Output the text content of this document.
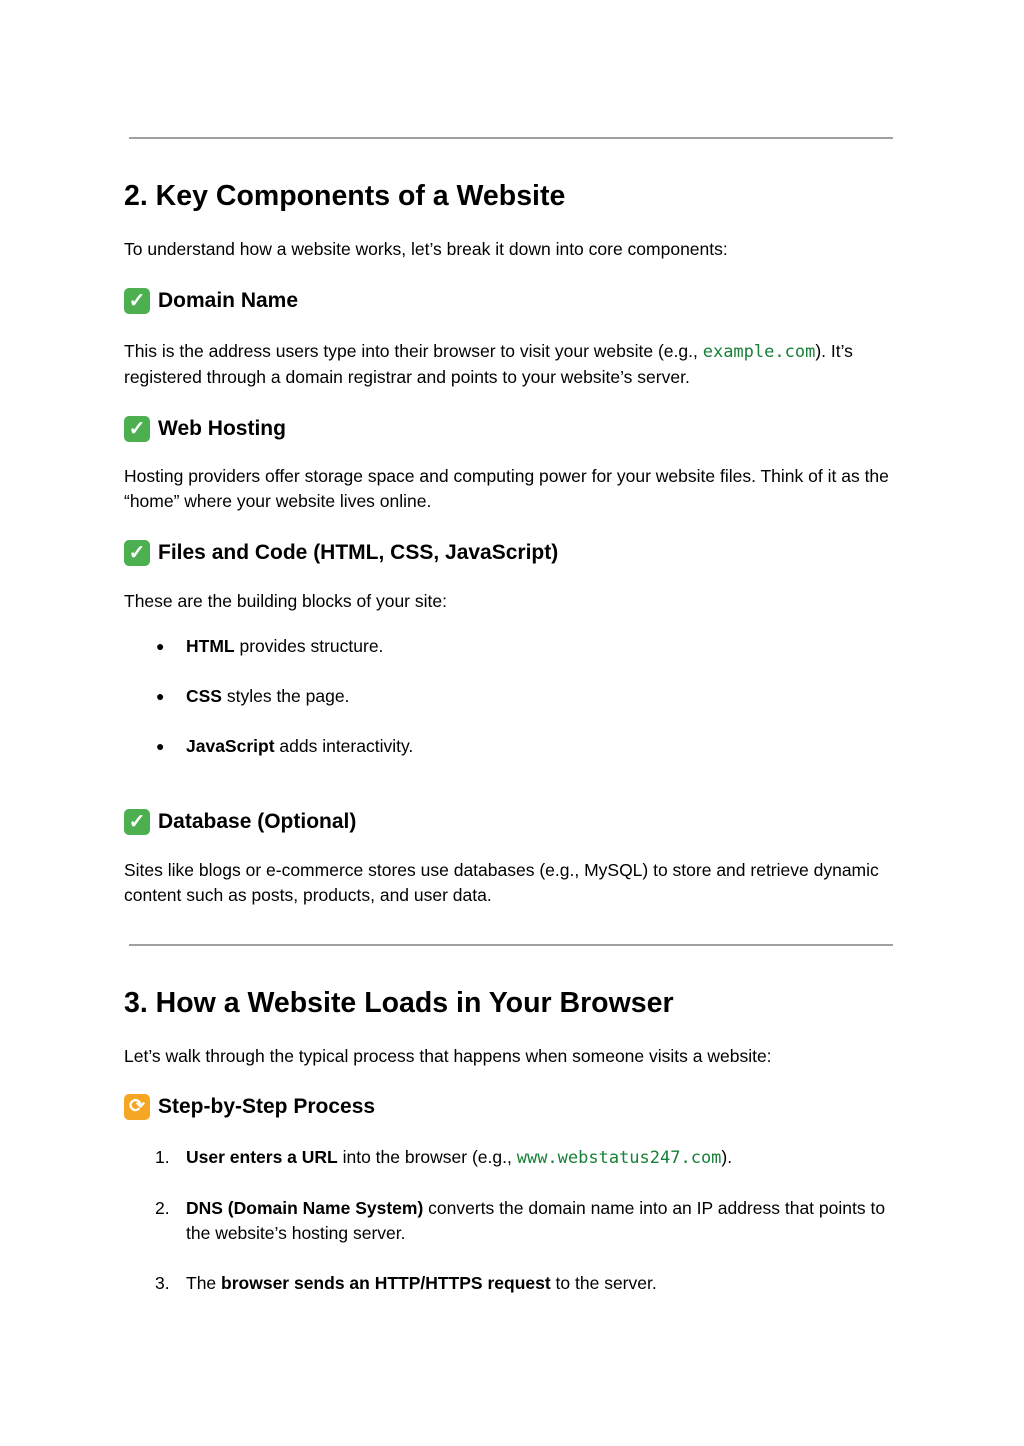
2. Key Components of a Website

To understand how a website works, let’s break it down into core components:

✓ Domain Name

This is the address users type into their browser to visit your website (e.g., example.com). It’s registered through a domain registrar and points to your website’s server.

✓ Web Hosting

Hosting providers offer storage space and computing power for your website files. Think of it as the “home” where your website lives online.

✓ Files and Code (HTML, CSS, JavaScript)

These are the building blocks of your site:

● HTML provides structure.
● CSS styles the page.
● JavaScript adds interactivity.
✓ Database (Optional)

Sites like blogs or e-commerce stores use databases (e.g., MySQL) to store and retrieve dynamic content such as posts, products, and user data.

3. How a Website Loads in Your Browser

Let’s walk through the typical process that happens when someone visits a website:

⟳ Step-by-Step Process
1. User enters a URL into the browser (e.g., www.webstatus247.com).
2. DNS (Domain Name System) converts the domain name into an IP address that points to the website’s hosting server.
3. The browser sends an HTTP/HTTPS request to the server.
